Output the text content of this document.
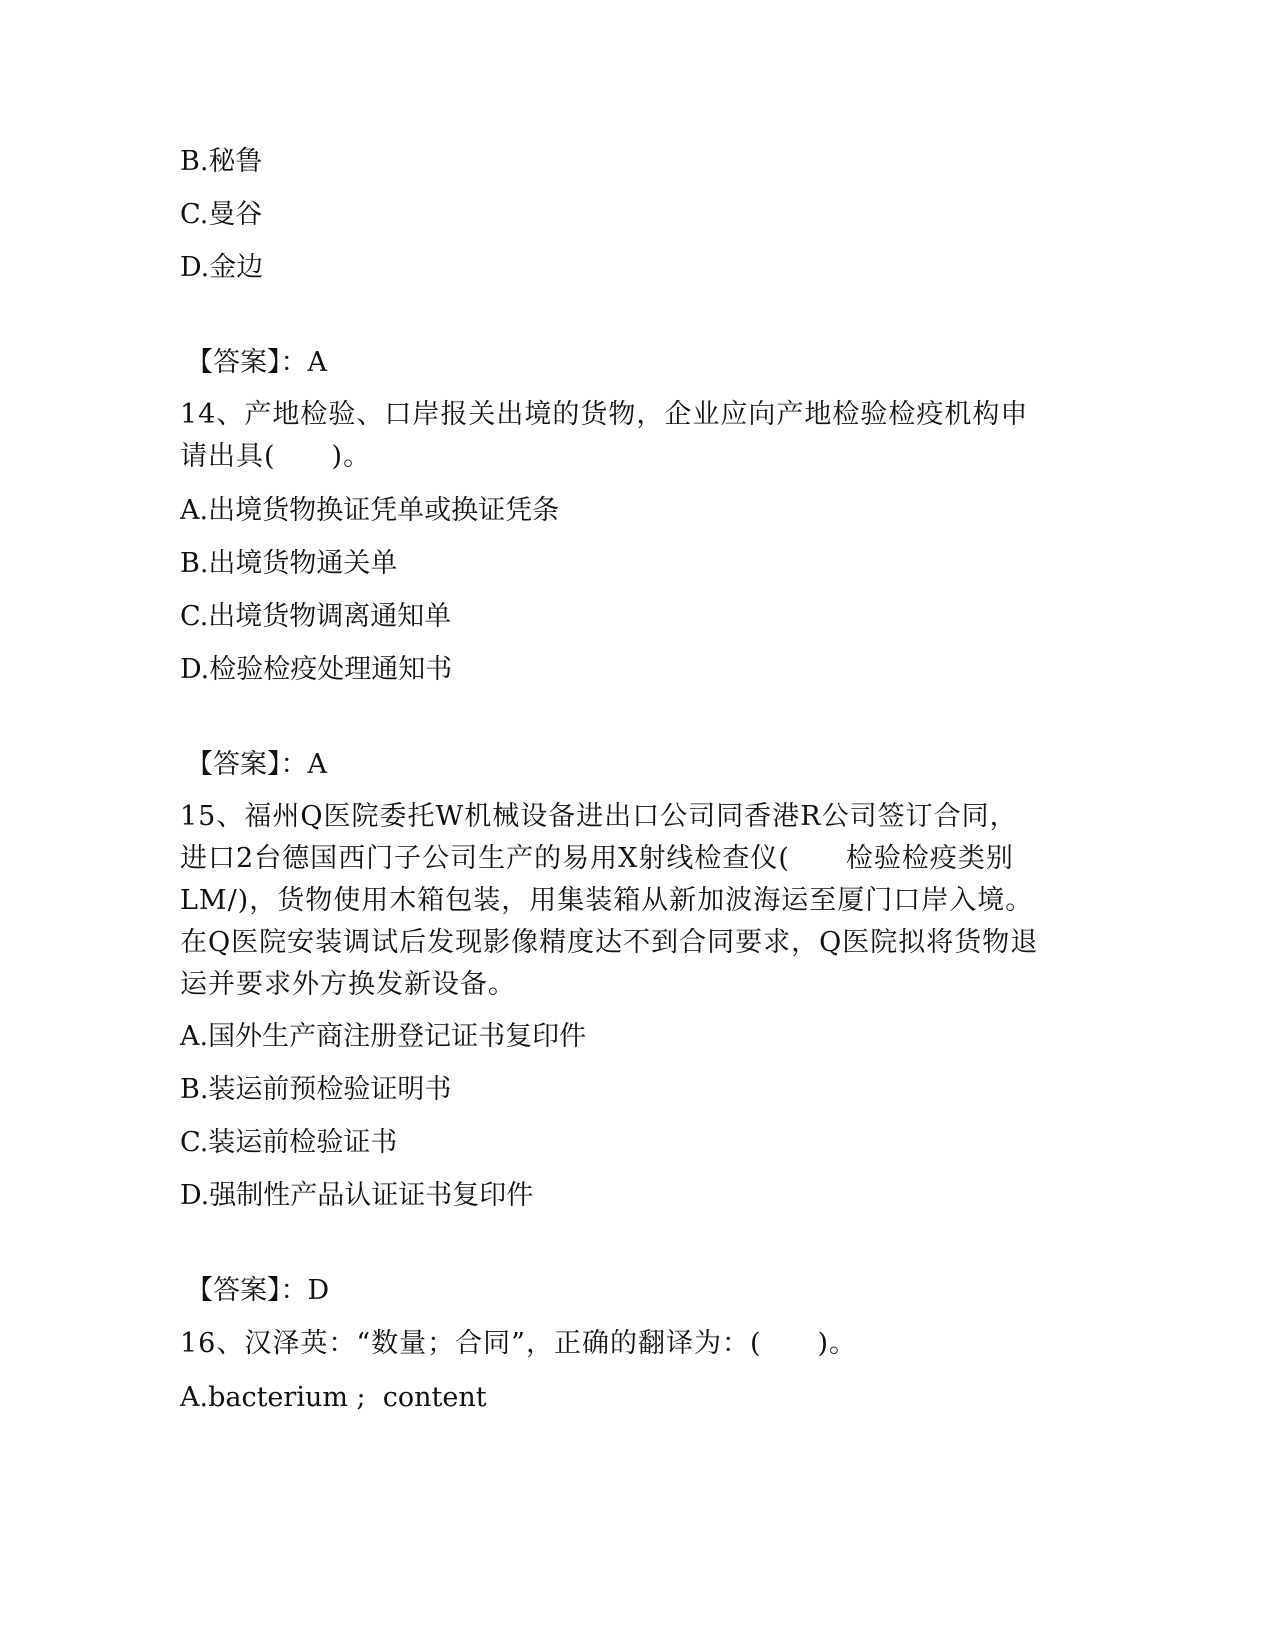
B.秘鲁
C.曼谷
D.金边
【答案】：A
14、产地检验、口岸报关出境的货物，企业应向产地检验检疫机构申
请出具(　　)。
A.出境货物换证凭单或换证凭条
B.出境货物通关单
C.出境货物调离通知单
D.检验检疫处理通知书
【答案】：A
15、福州Q医院委托W机械设备进出口公司同香港R公司签订合同，
进口2台德国西门子公司生产的易用X射线检查仪(　　检验检疫类别
LM/)，货物使用木箱包装，用集装箱从新加波海运至厦门口岸入境。
在Q医院安装调试后发现影像精度达不到合同要求，Q医院拟将货物退
运并要求外方换发新设备。
A.国外生产商注册登记证书复印件
B.装运前预检验证明书
C.装运前检验证书
D.强制性产品认证证书复印件
【答案】：D
16、汉泽英：“数量；合同”，正确的翻译为：(　　)。
A.bacterium ;  content
